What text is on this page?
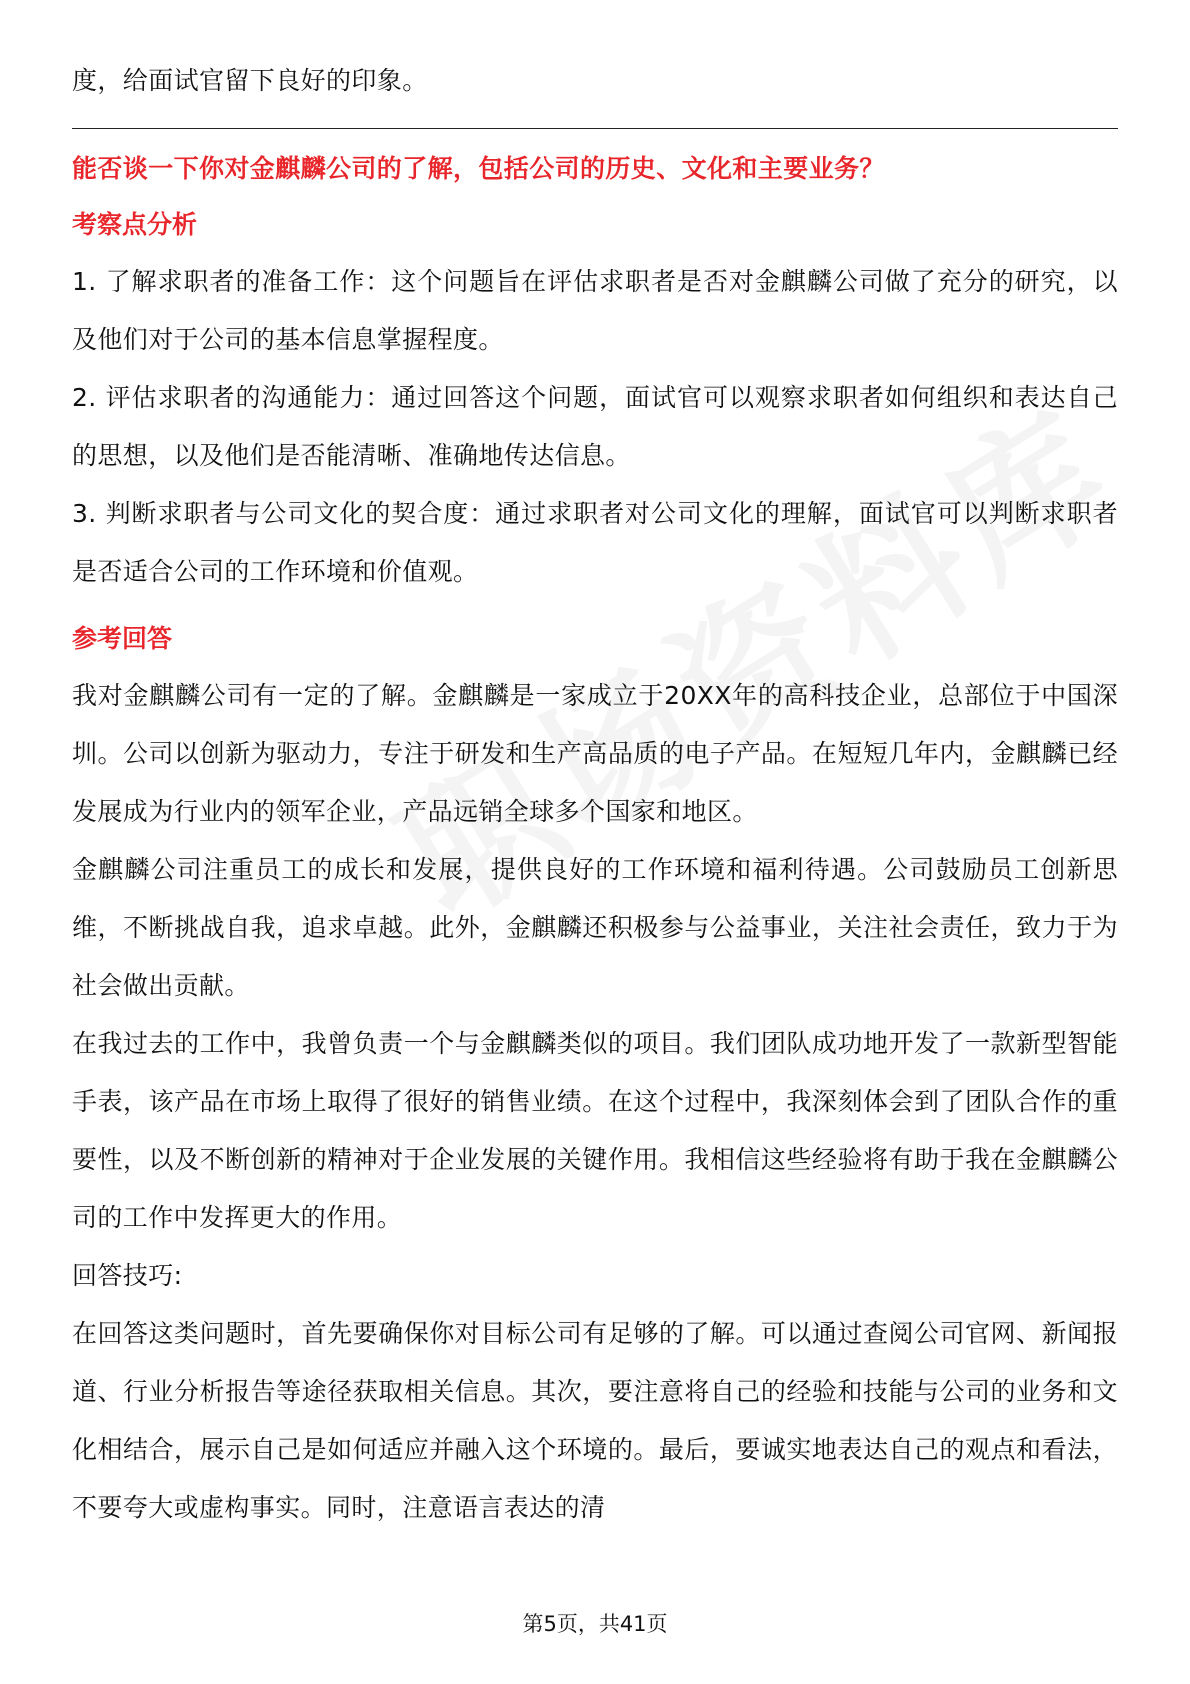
度，给面试官留下良好的印象。

能否谈一下你对金麒麟公司的了解，包括公司的历史、文化和主要业务？

考察点分析

1. 了解求职者的准备工作：这个问题旨在评估求职者是否对金麒麟公司做了充分的研究，以及他们对于公司的基本信息掌握程度。

2. 评估求职者的沟通能力：通过回答这个问题，面试官可以观察求职者如何组织和表达自己的思想，以及他们是否能清晰、准确地传达信息。

3. 判断求职者与公司文化的契合度：通过求职者对公司文化的理解，面试官可以判断求职者是否适合公司的工作环境和价值观。

参考回答

我对金麒麟公司有一定的了解。金麒麟是一家成立于20XX年的高科技企业，总部位于中国深圳。公司以创新为驱动力，专注于研发和生产高品质的电子产品。在短短几年内，金麒麟已经发展成为行业内的领军企业，产品远销全球多个国家和地区。

金麒麟公司注重员工的成长和发展，提供良好的工作环境和福利待遇。公司鼓励员工创新思维，不断挑战自我，追求卓越。此外，金麒麟还积极参与公益事业，关注社会责任，致力于为社会做出贡献。

在我过去的工作中，我曾负责一个与金麒麟类似的项目。我们团队成功地开发了一款新型智能手表，该产品在市场上取得了很好的销售业绩。在这个过程中，我深刻体会到了团队合作的重要性，以及不断创新的精神对于企业发展的关键作用。我相信这些经验将有助于我在金麒麟公司的工作中发挥更大的作用。

回答技巧:

在回答这类问题时，首先要确保你对目标公司有足够的了解。可以通过查阅公司官网、新闻报道、行业分析报告等途径获取相关信息。其次，要注意将自己的经验和技能与公司的业务和文化相结合，展示自己是如何适应并融入这个环境的。最后，要诚实地表达自己的观点和看法，不要夸大或虚构事实。同时，注意语言表达的清

第5页，共41页
